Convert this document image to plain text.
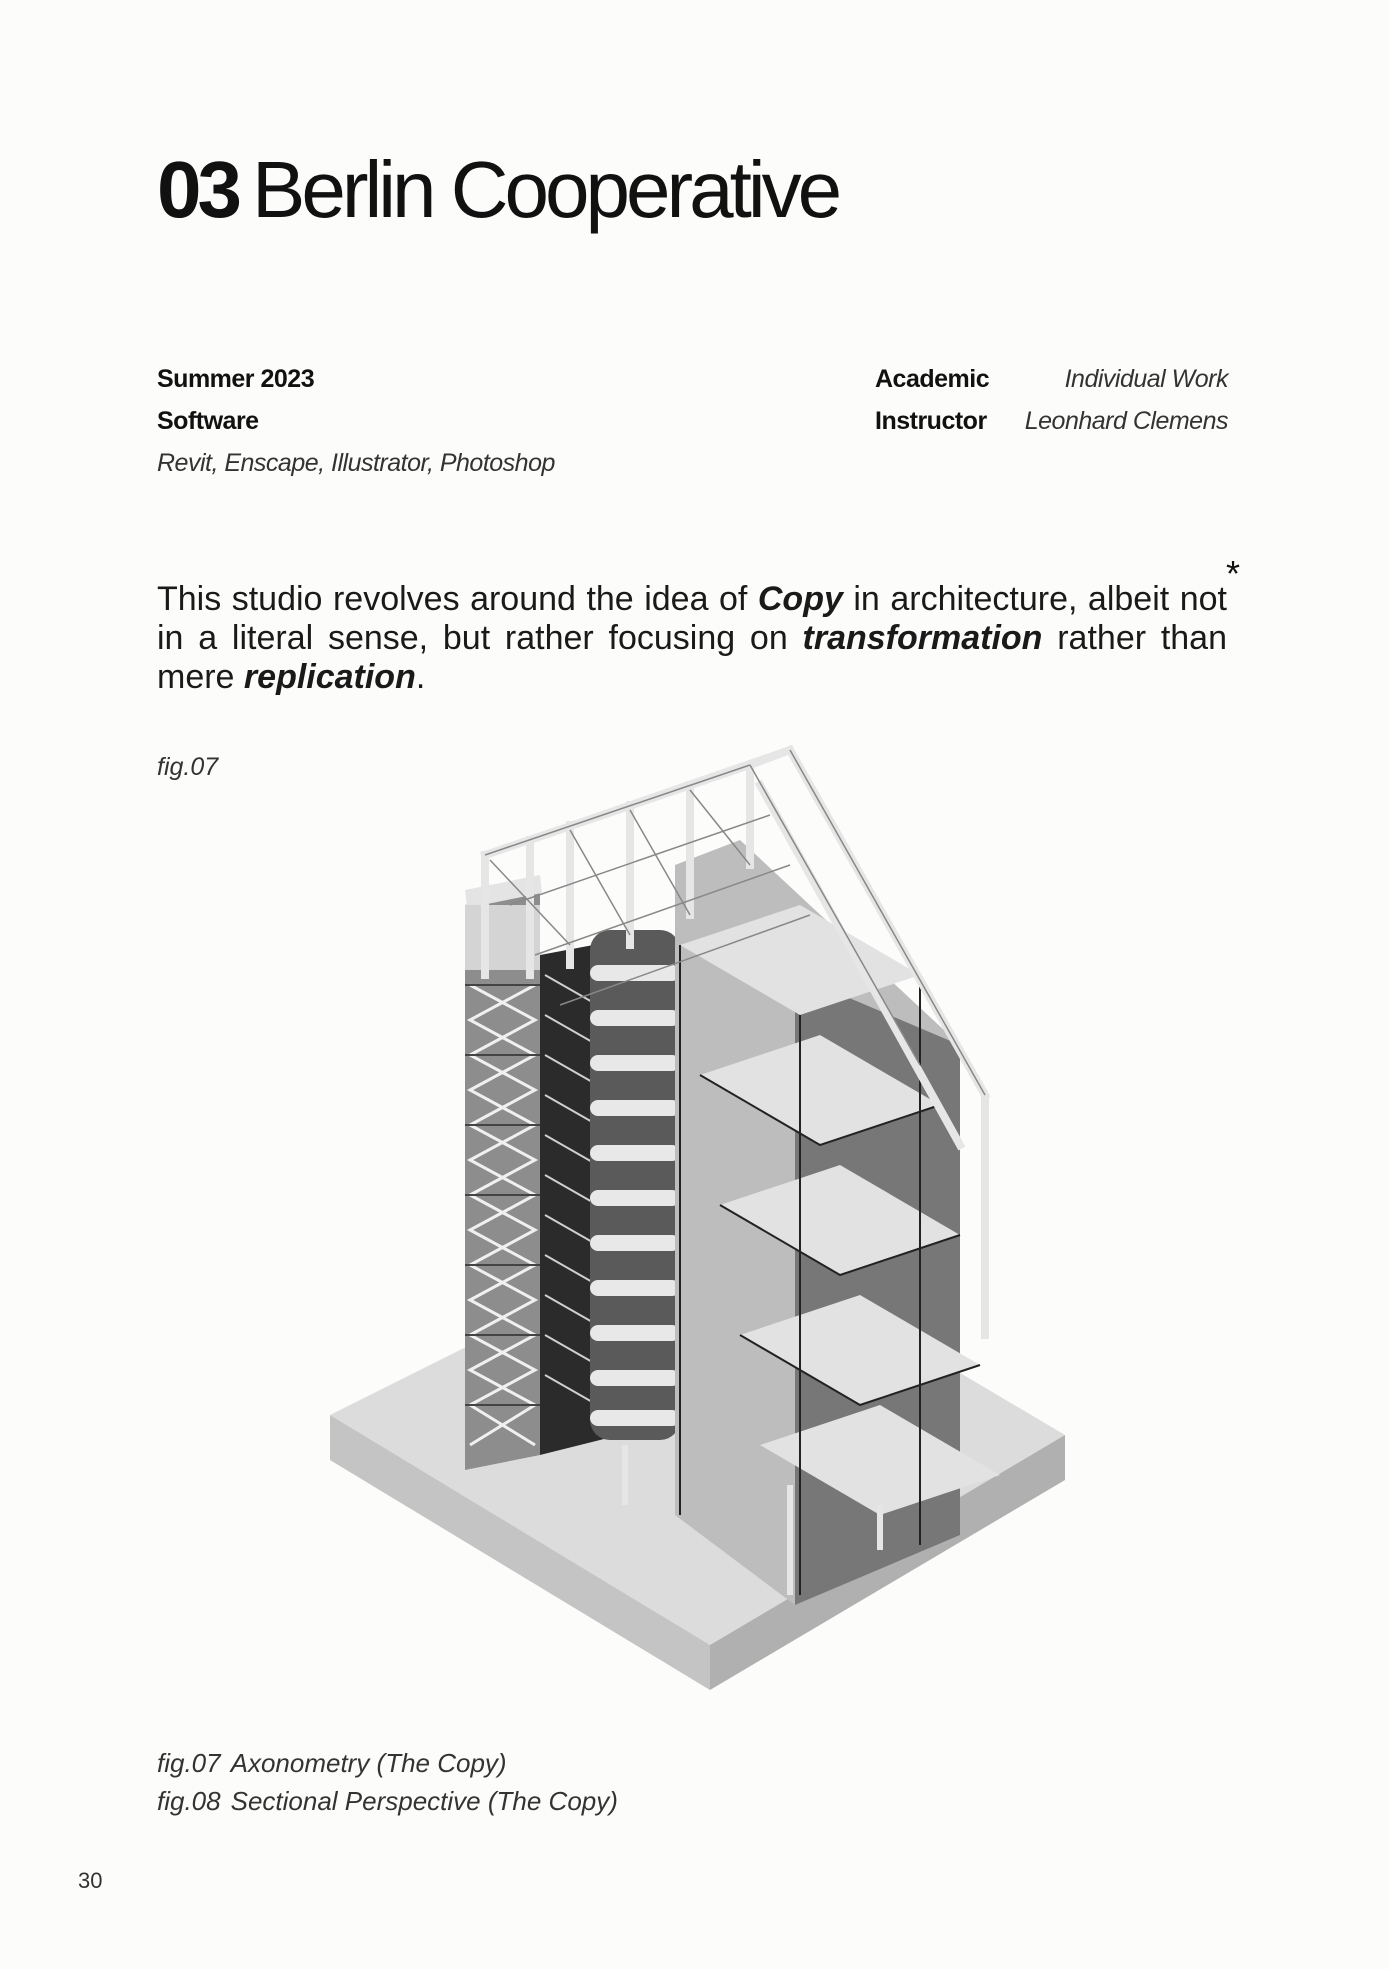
03 Berlin Cooperative
Summer 2023
Software
Revit, Enscape, Illustrator, Photoshop
Academic	Individual Work
Instructor Leonhard Clemens
*

This studio revolves around the idea of Copy in architecture, albeit not in a literal sense, but rather focusing on transformation rather than mere replication.

fig.07
fig.07 Axonometry (The Copy)
fig.08 Sectional Perspective (The Copy)
30
